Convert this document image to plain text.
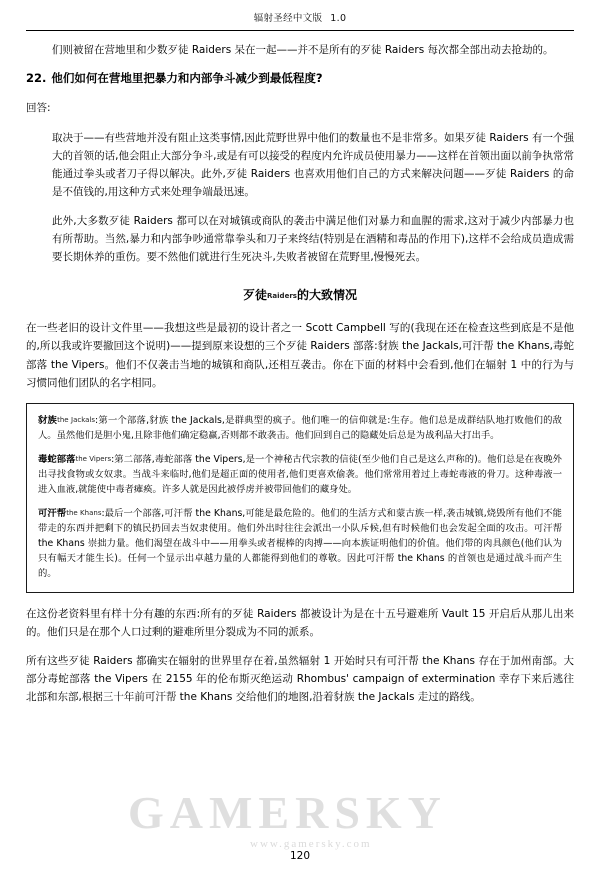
辐射圣经中文版 1.0

们则被留在营地里和少数歹徒 Raiders 呆在一起——并不是所有的歹徒 Raiders 每次都全部出动去抢劫的。

22. 他们如何在营地里把暴力和内部争斗减少到最低程度?
回答:

取决于——有些营地并没有阻止这类事情,因此荒野世界中他们的数量也不是非常多。如果歹徒 Raiders 有一个强大的首领的话,他会阻止大部分争斗,或是有可以接受的程度内允许成员使用暴力——这样在首领出面以前争执常常能通过拳头或者刀子得以解决。此外,歹徒 Raiders 也喜欢用他们自己的方式来解决问题——歹徒 Raiders 的命是不值钱的,用这种方式来处理争端最迅速。

此外,大多数歹徒 Raiders 都可以在对城镇或商队的袭击中满足他们对暴力和血腥的需求,这对于减少内部暴力也有所帮助。当然,暴力和内部争吵通常靠拳头和刀子来终结(特别是在酒精和毒品的作用下),这样不会给成员造成需要长期休养的重伤。要不然他们就进行生死决斗,失败者被留在荒野里,慢慢死去。

歹徒Raiders的大致情况

在一些老旧的设计文件里——我想这些是最初的设计者之一 Scott Campbell 写的(我现在还在检查这些到底是不是他的,所以我或许要撤回这个说明)——提到原来设想的三个歹徒 Raiders 部落:豺族 the Jackals,可汗帮 the Khans,毒蛇部落 the Vipers。他们不仅袭击当地的城镇和商队,还相互袭击。你在下面的材料中会看到,他们在辐射 1 中的行为与习惯同他们团队的名字相同。

豺族the Jackals:第一个部落,豺族 the Jackals,是群典型的疯子。他们唯一的信仰就是:生存。他们总是成群结队地打败他们的敌人。虽然他们是胆小鬼,且除非他们确定稳赢,否则都不敢袭击。他们回到自己的隐藏处后总是为战利品大打出手。

毒蛇部落the Vipers:第二部落,毒蛇部落 the Vipers,是一个神秘古代宗教的信徒(至少他们自己是这么声称的)。他们总是在夜晚外出寻找食物或女奴隶。当战斗来临时,他们是超正面的使用者,他们更喜欢偷袭。他们常常用着过上毒蛇毒液的骨刀。这种毒液一进入血液,就能使中毒者瘫痪。许多人就是因此被俘虏并被带回他们的藏身处。

可汗帮the Khans:最后一个部落,可汗帮 the Khans,可能是最危险的。他们的生活方式和蒙古族一样,袭击城镇,烧毁所有他们不能带走的东西并把剩下的镇民扔回去当奴隶使用。他们外出时往往会派出一小队斥候,但有时候他们也会发起全面的攻击。可汗帮 the Khans 崇拙力量。他们渴望在战斗中——用拳头或者棍棒的肉搏——向本族证明他们的价值。他们带的肉具颜色(他们认为只有幅天才能生长)。任何一个显示出卓越力量的人都能得到他们的尊敬。因此可汗帮 the Khans 的首领也是通过战斗而产生的。

在这份老资料里有样十分有趣的东西:所有的歹徒 Raiders 都被设计为是在十五号避难所 Vault 15 开启后从那儿出来的。他们只是在那个人口过剩的避难所里分裂成为不同的派系。

所有这些歹徒 Raiders 都确实在辐射的世界里存在着,虽然辐射 1 开始时只有可汗帮 the Khans 存在于加州南部。大部分毒蛇部落 the Vipers 在 2155 年的伦布斯灭绝运动 Rhombus' campaign of extermination 幸存下来后逃往北部和东部,根据三十年前可汗帮 the Khans 交给他们的地图,沿着豺族 the Jackals 走过的路线。

120
GAMERSKY
www.gamersky.com
